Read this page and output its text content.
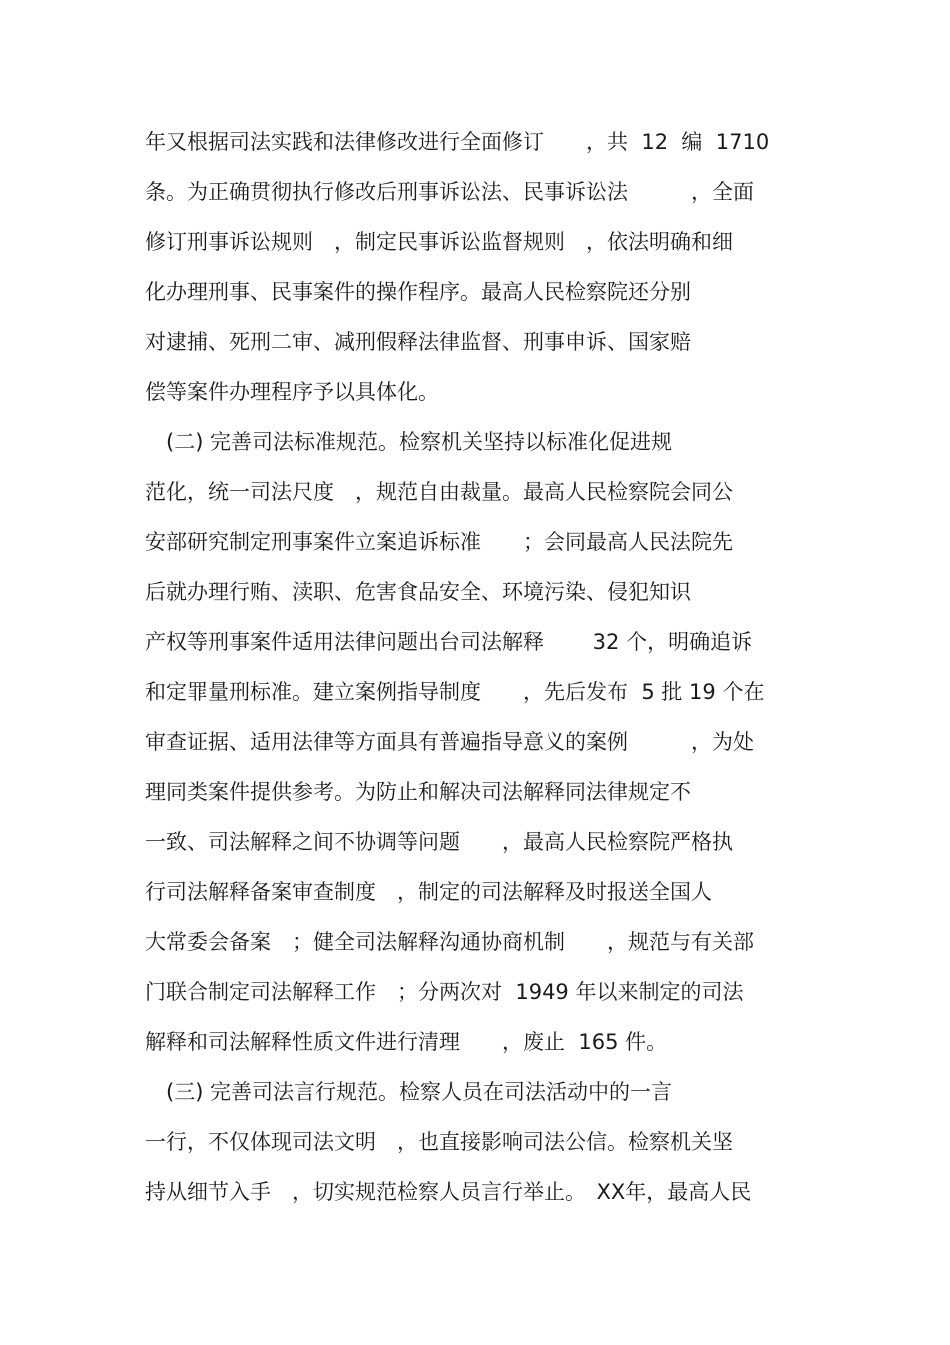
年又根据司法实践和法律修改进行全面修订　　，共  12  编  1710
条。为正确贯彻执行修改后刑事诉讼法、民事诉讼法　　　，全面
修订刑事诉讼规则　，制定民事诉讼监督规则　，依法明确和细
化办理刑事、民事案件的操作程序。最高人民检察院还分别
对逮捕、死刑二审、减刑假释法律监督、刑事申诉、国家赔
偿等案件办理程序予以具体化。
　(二) 完善司法标准规范。检察机关坚持以标准化促进规
范化，统一司法尺度　，规范自由裁量。最高人民检察院会同公
安部研究制定刑事案件立案追诉标准　　；会同最高人民法院先
后就办理行贿、渎职、危害食品安全、环境污染、侵犯知识
产权等刑事案件适用法律问题出台司法解释　　 32 个，明确追诉
和定罪量刑标准。建立案例指导制度　　，先后发布  5 批 19 个在
审查证据、适用法律等方面具有普遍指导意义的案例　　　，为处
理同类案件提供参考。为防止和解决司法解释同法律规定不
一致、司法解释之间不协调等问题　　，最高人民检察院严格执
行司法解释备案审查制度　，制定的司法解释及时报送全国人
大常委会备案　；健全司法解释沟通协商机制　　，规范与有关部
门联合制定司法解释工作　；分两次对  1949 年以来制定的司法
解释和司法解释性质文件进行清理　　，废止  165 件。
　(三) 完善司法言行规范。检察人员在司法活动中的一言
一行，不仅体现司法文明　，也直接影响司法公信。检察机关坚
持从细节入手　，切实规范检察人员言行举止。　XX年，最高人民
